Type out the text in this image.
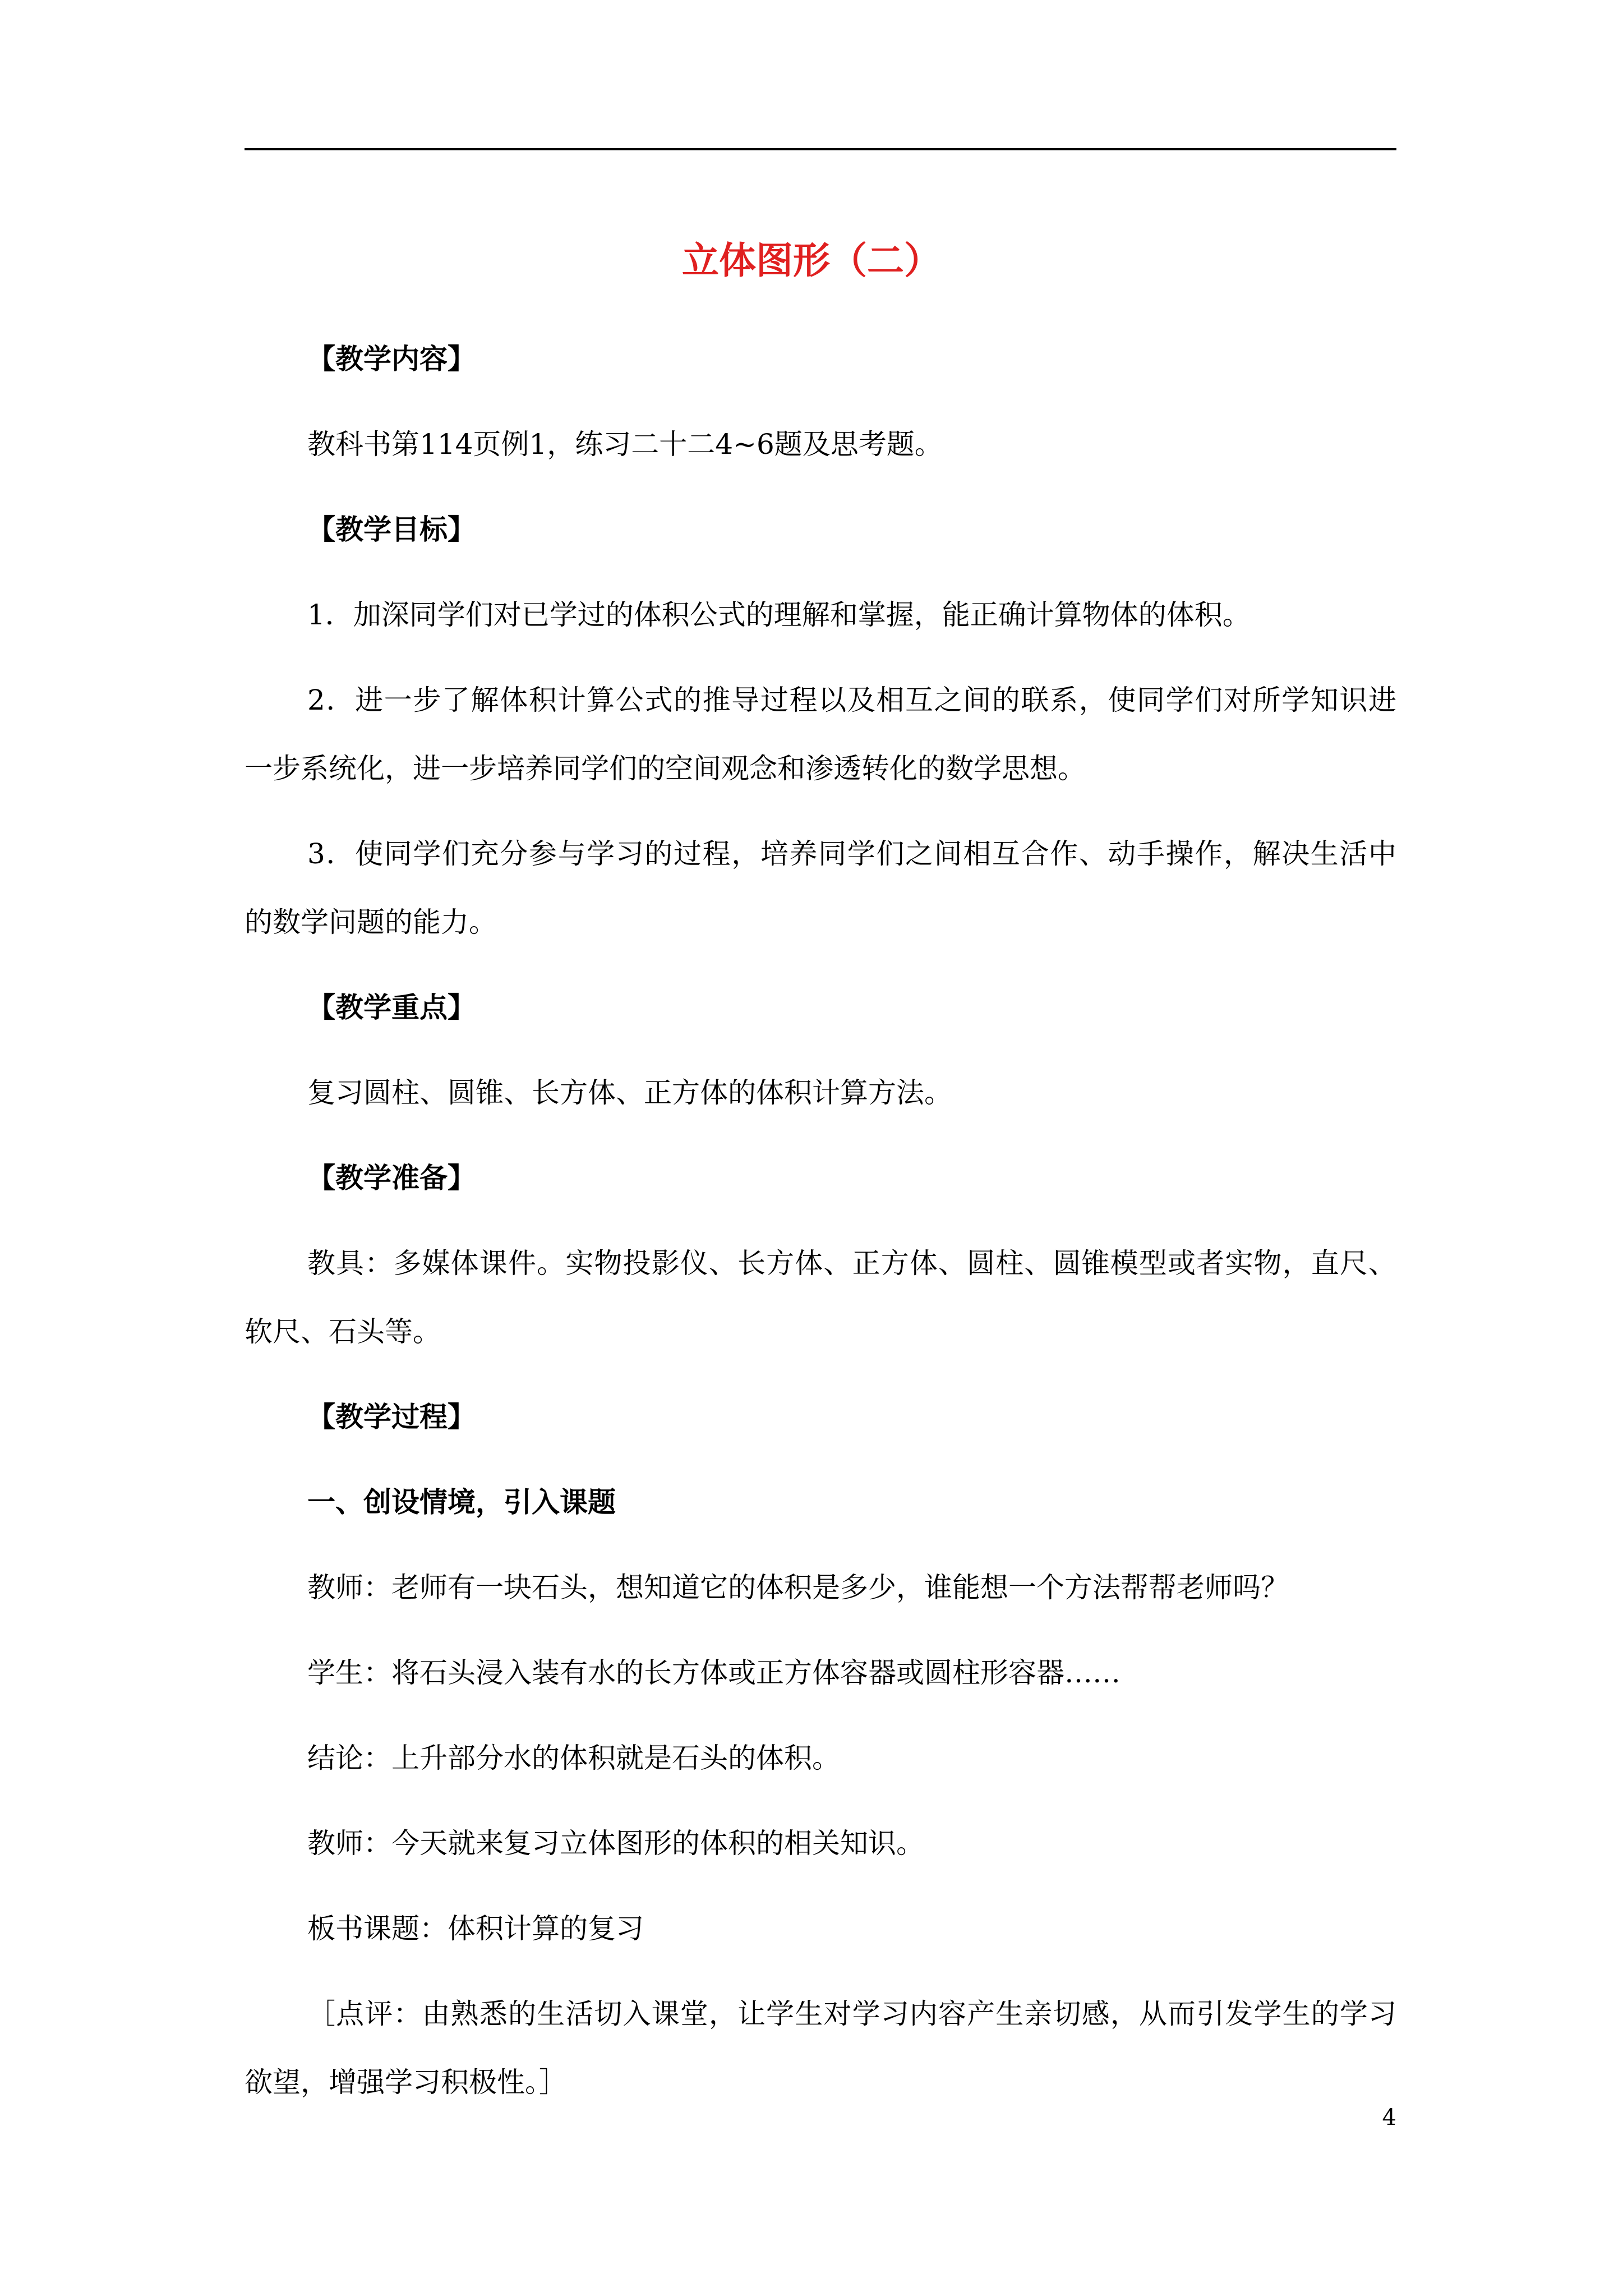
立体图形（二）
【教学内容】
教科书第114页例1，练习二十二4~6题及思考题。
【教学目标】
1．加深同学们对已学过的体积公式的理解和掌握，能正确计算物体的体积。
2．进一步了解体积计算公式的推导过程以及相互之间的联系，使同学们对所学知识进
一步系统化，进一步培养同学们的空间观念和渗透转化的数学思想。
3．使同学们充分参与学习的过程，培养同学们之间相互合作、动手操作，解决生活中
的数学问题的能力。
【教学重点】
复习圆柱、圆锥、长方体、正方体的体积计算方法。
【教学准备】
教具：多媒体课件。实物投影仪、长方体、正方体、圆柱、圆锥模型或者实物，直尺、
软尺、石头等。
【教学过程】
一、创设情境，引入课题
教师：老师有一块石头，想知道它的体积是多少，谁能想一个方法帮帮老师吗？
学生：将石头浸入装有水的长方体或正方体容器或圆柱形容器……
结论：上升部分水的体积就是石头的体积。
教师：今天就来复习立体图形的体积的相关知识。
板书课题：体积计算的复习
［点评：由熟悉的生活切入课堂，让学生对学习内容产生亲切感，从而引发学生的学习
欲望，增强学习积极性。］
4
